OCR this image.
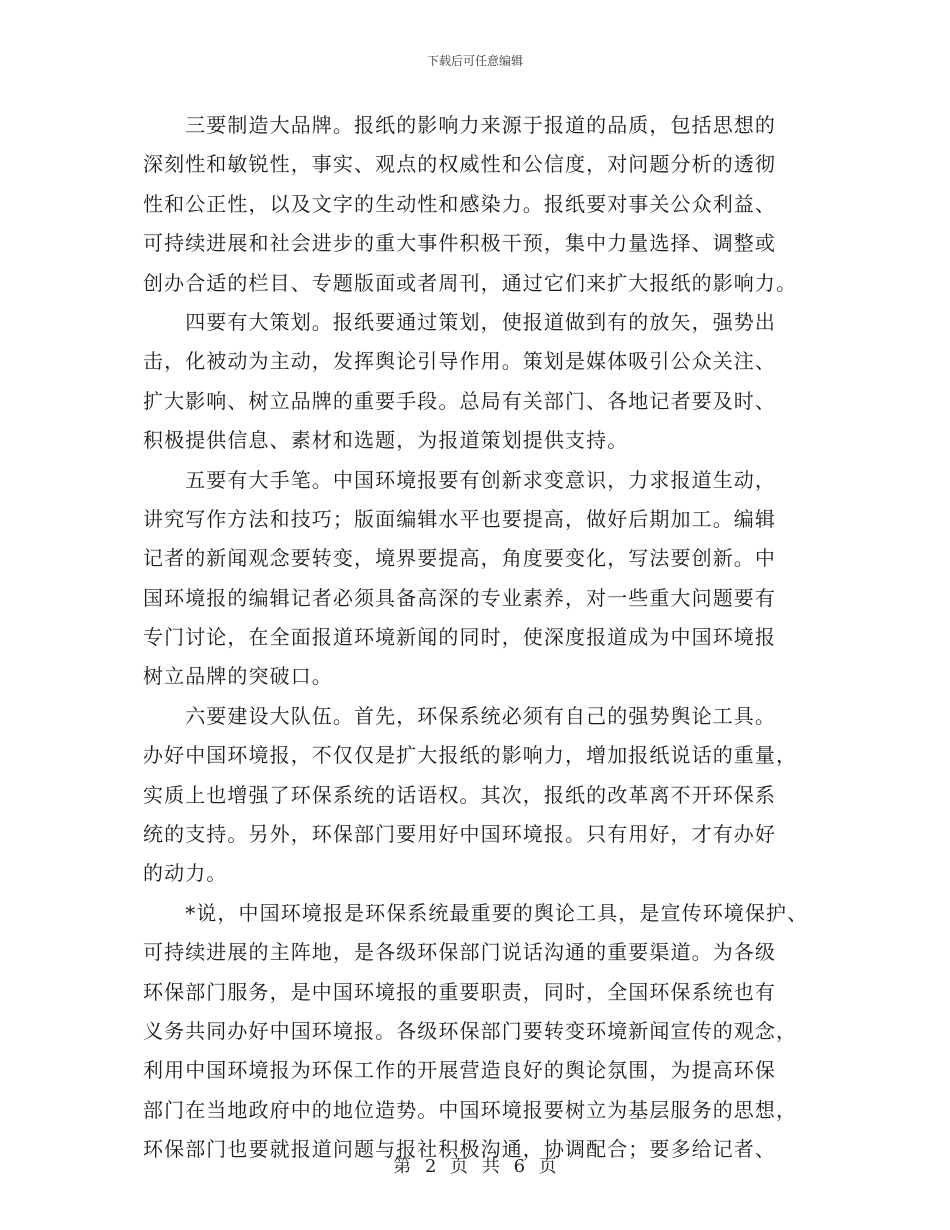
下载后可任意编辑
　　三要制造大品牌。报纸的影响力来源于报道的品质，包括思想的
深刻性和敏锐性，事实、观点的权威性和公信度，对问题分析的透彻
性和公正性，以及文字的生动性和感染力。报纸要对事关公众利益、
可持续进展和社会进步的重大事件积极干预，集中力量选择、调整或
创办合适的栏目、专题版面或者周刊，通过它们来扩大报纸的影响力。
　　四要有大策划。报纸要通过策划，使报道做到有的放矢，强势出
击，化被动为主动，发挥舆论引导作用。策划是媒体吸引公众关注、
扩大影响、树立品牌的重要手段。总局有关部门、各地记者要及时、
积极提供信息、素材和选题，为报道策划提供支持。
　　五要有大手笔。中国环境报要有创新求变意识，力求报道生动，
讲究写作方法和技巧；版面编辑水平也要提高，做好后期加工。编辑
记者的新闻观念要转变，境界要提高，角度要变化，写法要创新。中
国环境报的编辑记者必须具备高深的专业素养，对一些重大问题要有
专门讨论，在全面报道环境新闻的同时，使深度报道成为中国环境报
树立品牌的突破口。
　　六要建设大队伍。首先，环保系统必须有自己的强势舆论工具。
办好中国环境报，不仅仅是扩大报纸的影响力，增加报纸说话的重量，
实质上也增强了环保系统的话语权。其次，报纸的改革离不开环保系
统的支持。另外，环保部门要用好中国环境报。只有用好，才有办好
的动力。
　　*说，中国环境报是环保系统最重要的舆论工具，是宣传环境保护、
可持续进展的主阵地，是各级环保部门说话沟通的重要渠道。为各级
环保部门服务，是中国环境报的重要职责，同时，全国环保系统也有
义务共同办好中国环境报。各级环保部门要转变环境新闻宣传的观念，
利用中国环境报为环保工作的开展营造良好的舆论氛围，为提高环保
部门在当地政府中的地位造势。中国环境报要树立为基层服务的思想，
环保部门也要就报道问题与报社积极沟通，协调配合；要多给记者、
第 2 页 共 6 页
